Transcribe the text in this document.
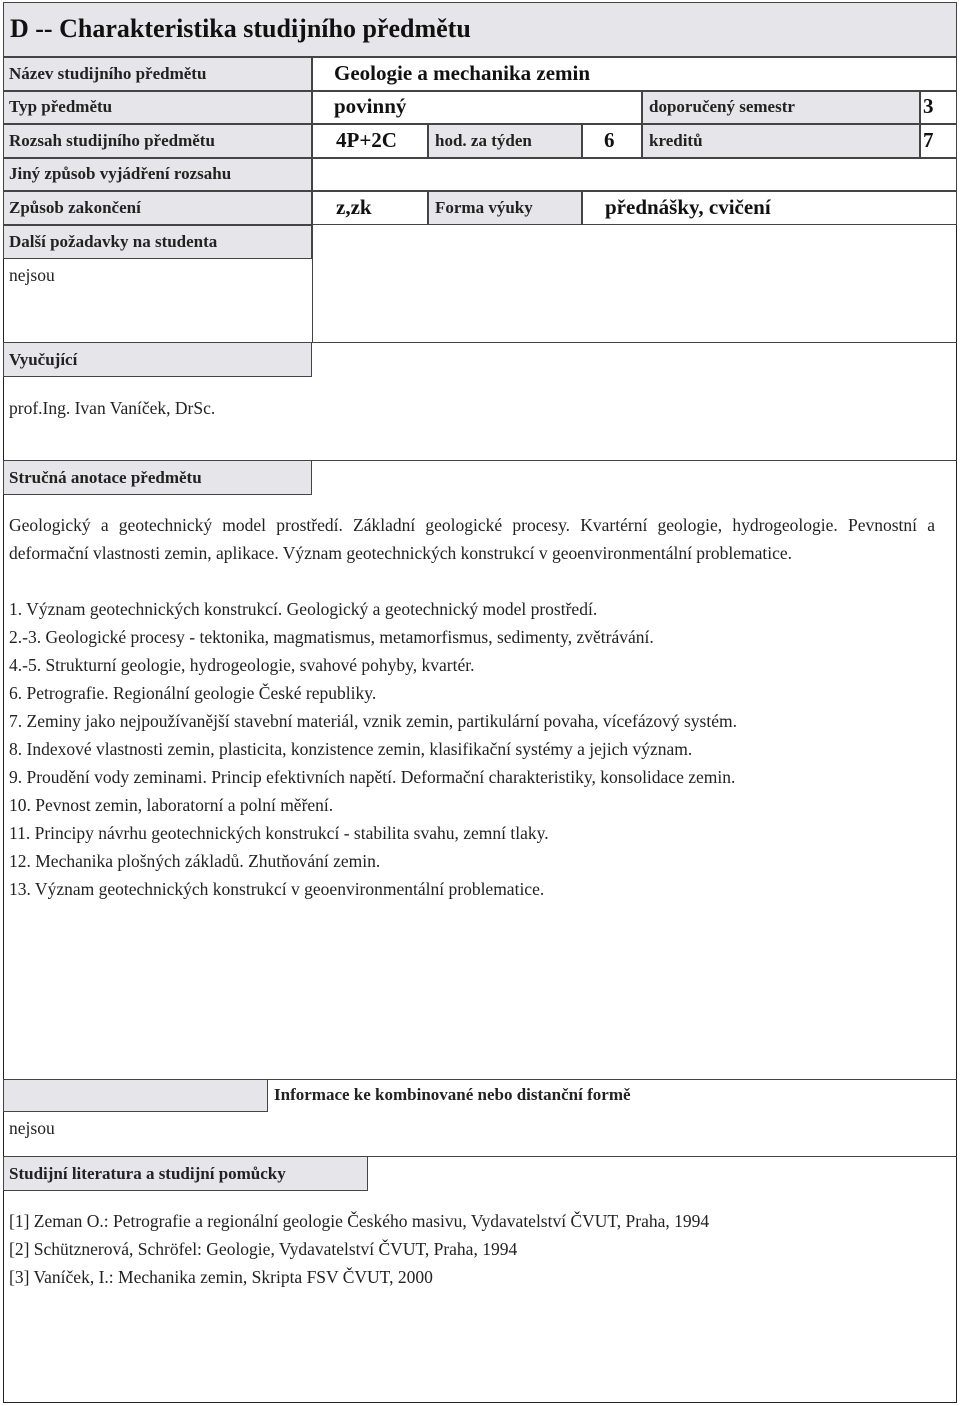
D -- Charakteristika studijního předmětu
Název studijního předmětu	Geologie a mechanika zemin
Typ předmětu	povinný	doporučený semestr	3
Rozsah studijního předmětu	4P+2C hod. za týden	6 kreditů	7
Jiný způsob vyjádření rozsahu
Způsob zakončení	z,zk	Forma výuky	přednášky, cvičení
Další požadavky na studenta
nejsou
Vyučující
prof.Ing. Ivan Vaníček, DrSc.
Stručná anotace předmětu

Geologický a geotechnický model prostředí. Základní geologické procesy. Kvartérní geologie, hydrogeologie. Pevnostní a deformační vlastnosti zemin, aplikace. Význam geotechnických konstrukcí v geoenvironmentální problematice.

1. Význam geotechnických konstrukcí. Geologický a geotechnický model prostředí.
2.-3. Geologické procesy - tektonika, magmatismus, metamorfismus, sedimenty, zvětrávání.
4.-5. Strukturní geologie, hydrogeologie, svahové pohyby, kvartér.
6. Petrografie. Regionální geologie České republiky.
7. Zeminy jako nejpoužívanější stavební materiál, vznik zemin, partikulární povaha, vícefázový systém.
8. Indexové vlastnosti zemin, plasticita, konzistence zemin, klasifikační systémy a jejich význam.
9. Proudění vody zeminami. Princip efektivních napětí. Deformační charakteristiky, konsolidace zemin.
10. Pevnost zemin, laboratorní a polní měření.
11. Principy návrhu geotechnických konstrukcí - stabilita svahu, zemní tlaky.
12. Mechanika plošných základů. Zhutňování zemin.
13. Význam geotechnických konstrukcí v geoenvironmentální problematice.
Informace ke kombinované nebo distanční formě
nejsou
Studijní literatura a studijní pomůcky
[1] Zeman O.: Petrografie a regionální geologie Českého masivu, Vydavatelství ČVUT, Praha, 1994
[2] Schütznerová, Schröfel: Geologie, Vydavatelství ČVUT, Praha, 1994
[3] Vaníček, I.: Mechanika zemin, Skripta FSV ČVUT, 2000
